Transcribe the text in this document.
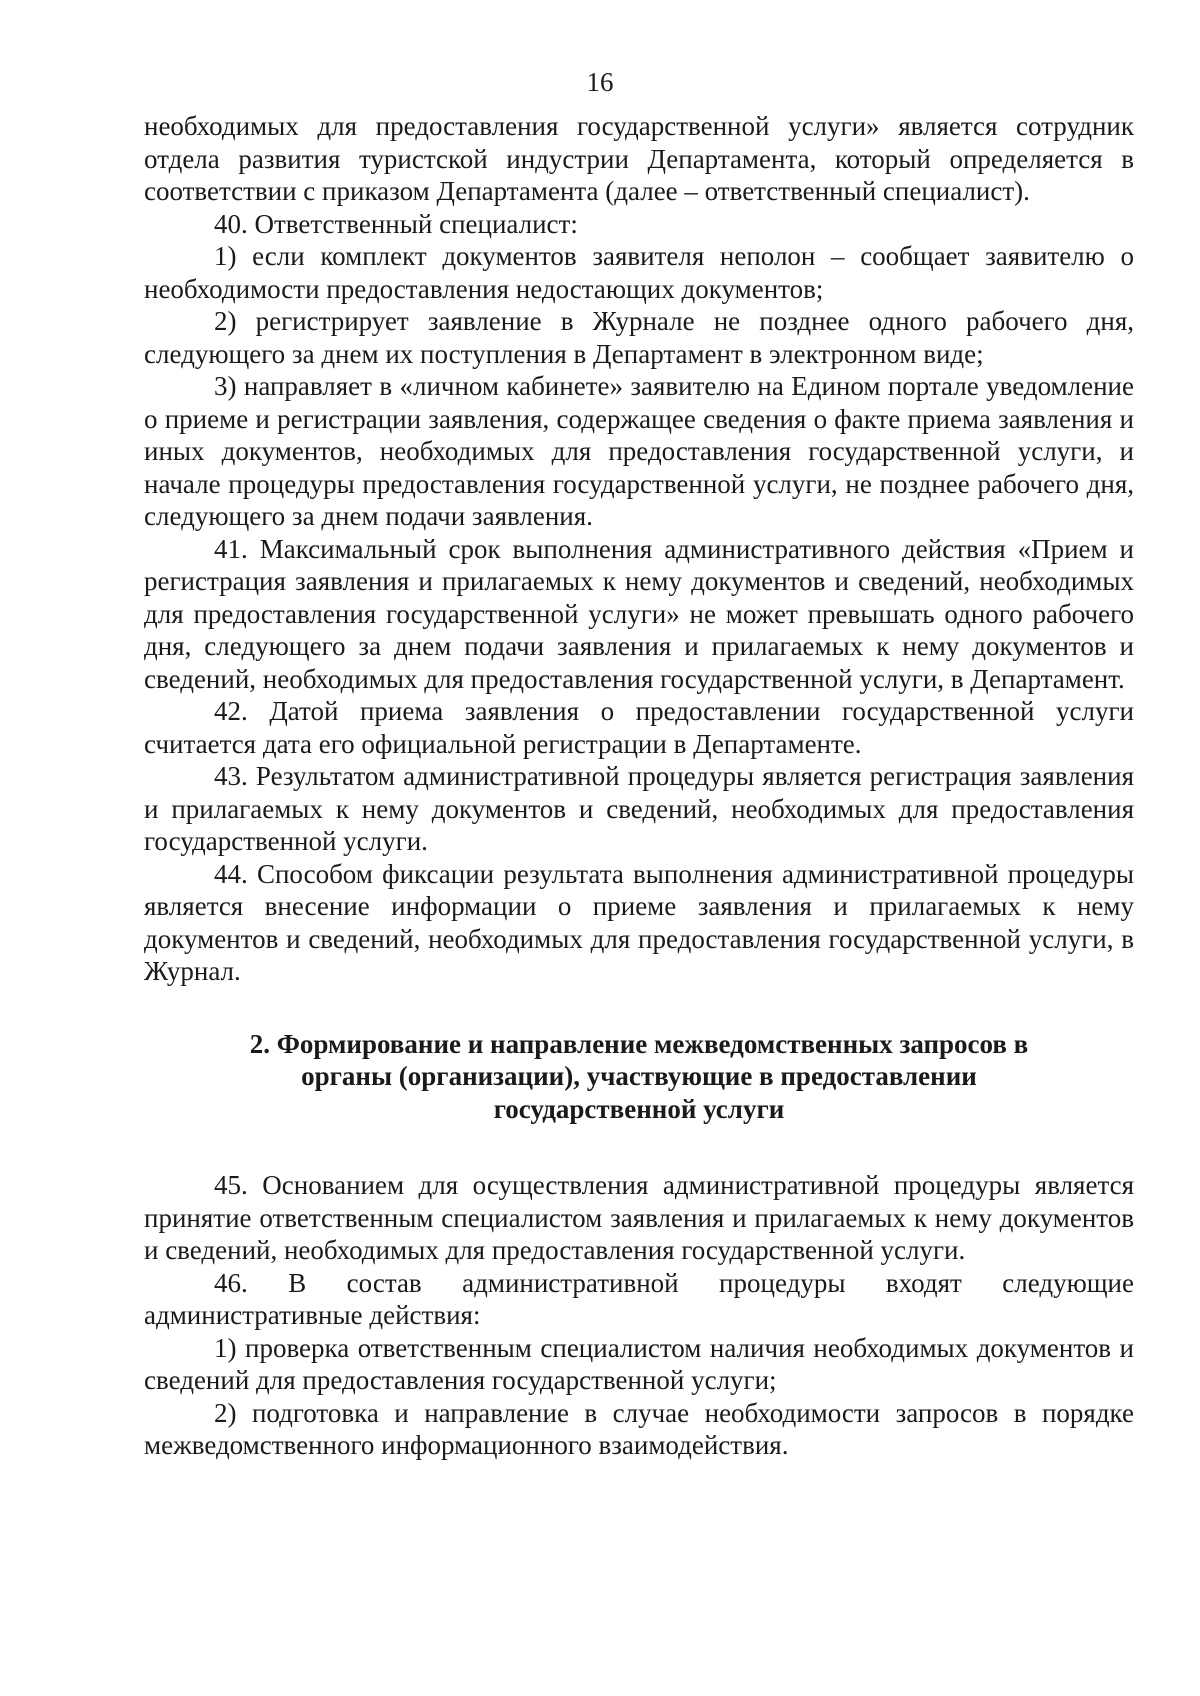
16

необходимых для предоставления государственной услуги» является сотрудник отдела развития туристской индустрии Департамента, который определяется в соответствии с приказом Департамента (далее – ответственный специалист).

40. Ответственный специалист:

1) если комплект документов заявителя неполон – сообщает заявителю о необходимости предоставления недостающих документов;

2) регистрирует заявление в Журнале не позднее одного рабочего дня, следующего за днем их поступления в Департамент в электронном виде;

3) направляет в «личном кабинете» заявителю на Едином портале уведомление о приеме и регистрации заявления, содержащее сведения о факте приема заявления и иных документов, необходимых для предоставления государственной услуги, и начале процедуры предоставления государственной услуги, не позднее рабочего дня, следующего за днем подачи заявления.

41. Максимальный срок выполнения административного действия «Прием и регистрация заявления и прилагаемых к нему документов и сведений, необходимых для предоставления государственной услуги» не может превышать одного рабочего дня, следующего за днем подачи заявления и прилагаемых к нему документов и сведений, необходимых для предоставления государственной услуги, в Департамент.

42. Датой приема заявления о предоставлении государственной услуги считается дата его официальной регистрации в Департаменте.

43. Результатом административной процедуры является регистрация заявления и прилагаемых к нему документов и сведений, необходимых для предоставления государственной услуги.

44. Способом фиксации результата выполнения административной процедуры является внесение информации о приеме заявления и прилагаемых к нему документов и сведений, необходимых для предоставления государственной услуги, в Журнал.

2. Формирование и направление межведомственных запросов в органы (организации), участвующие в предоставлении государственной услуги

45. Основанием для осуществления административной процедуры является принятие ответственным специалистом заявления и прилагаемых к нему документов и сведений, необходимых для предоставления государственной услуги.

46. В состав административной процедуры входят следующие административные действия:

1) проверка ответственным специалистом наличия необходимых документов и сведений для предоставления государственной услуги;

2) подготовка и направление в случае необходимости запросов в порядке межведомственного информационного взаимодействия.
